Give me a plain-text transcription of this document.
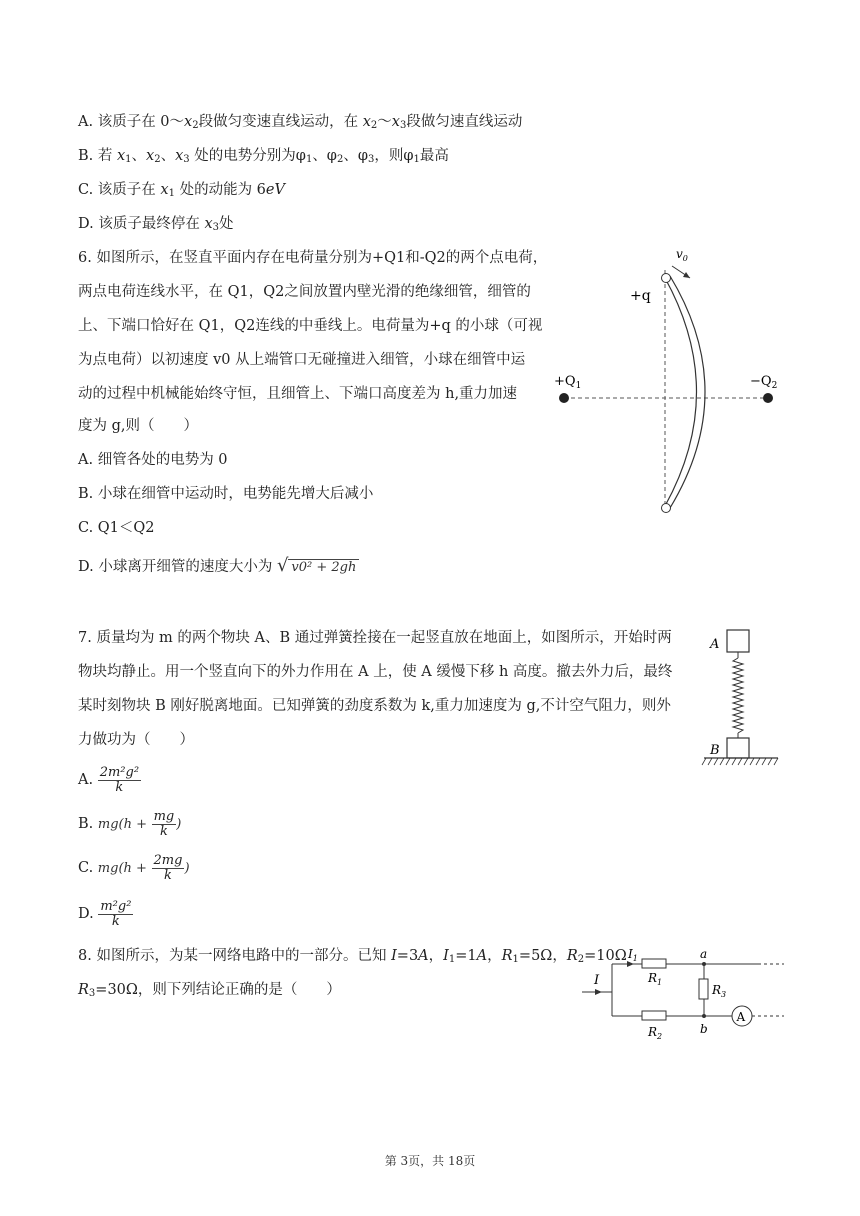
A. 该质子在 $0\sim x_2$段做匀变速直线运动，在 $x_2\sim x_3$段做匀速直线运动
B. 若 $x_1$、$x_2$、$x_3$ 处的电势分别为$\varphi_1$、$\varphi_2$、$\varphi_3$，则$\varphi_1$最高
C. 该质子在 $x_1$ 处的动能为 6eV
D. 该质子最终停在 $x_3$处
6. 如图所示，在竖直平面内存在电荷量分别为+Q1和-Q2的两个点电荷，
两点电荷连线水平，在 Q1，Q2之间放置内壁光滑的绝缘细管，细管的
上、下端口恰好在 Q1，Q2连线的中垂线上。电荷量为+q 的小球（可视
为点电荷）以初速度 v0 从上端管口无碰撞进入细管，小球在细管中运
动的过程中机械能始终守恒，且细管上、下端口高度差为 h,重力加速
度为 g,则（　　）
A. 细管各处的电势为 0
B. 小球在细管中运动时，电势能先增大后减小
C. Q1＜Q2
D. 小球离开细管的速度大小为 √ v0² + 2gh
$v_0$
+q
$+Q_1$	$-Q_2$
7. 质量均为 m 的两个物块 A、B 通过弹簧拴接在一起竖直放在地面上，如图所示，开始时两
物块均静止。用一个竖直向下的外力作用在 A 上，使 A 缓慢下移 h 高度。撤去外力后，最终
某时刻物块 B 刚好脱离地面。已知弹簧的劲度系数为 k,重力加速度为 g,不计空气阻力，则外
力做功为（　　）
A. $\frac{\text{2m²g²}}{k}$
B. $mg(h + \frac{mg}{k}$ )
C. $mg(h + \frac{2mg}{k}$ )
D. $\frac{\text{m²g²}}{k}$
A
B
8. 如图所示，为某一网络电路中的一部分。已知 I=3A，$I_1=1A$，$R_1=5\Omega$，$R_2=10\Omega$
$R_3=30\Omega$，则下列结论正确的是（　　）
I
$I_1$
$R_1$
a
$R_3$
$R_2$
b
A
第 3页，共 18页
